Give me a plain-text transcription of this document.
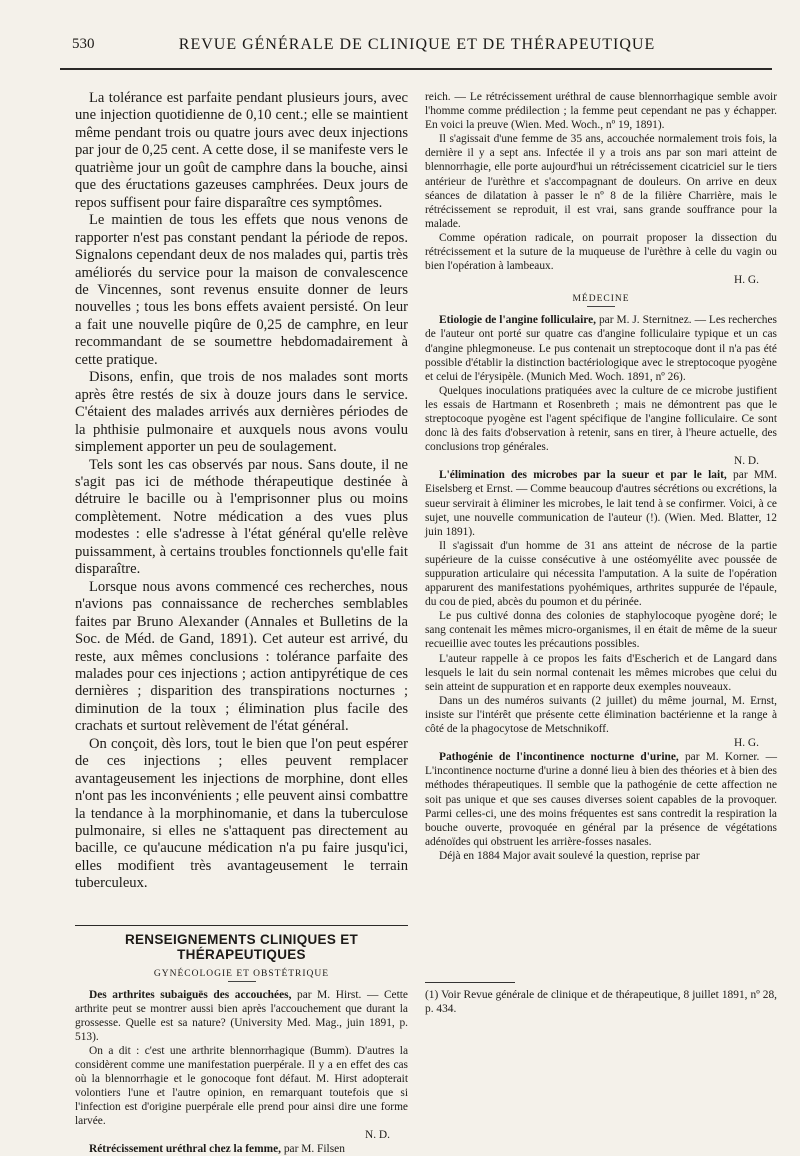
530	REVUE GÉNÉRALE DE CLINIQUE ET DE THÉRAPEUTIQUE

La tolérance est parfaite pendant plusieurs jours, avec une injection quotidienne de 0,10 cent.; elle se maintient même pendant trois ou quatre jours avec deux injections par jour de 0,25 cent. A cette dose, il se manifeste vers le quatrième jour un goût de camphre dans la bouche, ainsi que des éructations gazeuses camphrées. Deux jours de repos suffisent pour faire disparaître ces symptômes.

Le maintien de tous les effets que nous venons de rapporter n'est pas constant pendant la période de repos. Signalons cependant deux de nos malades qui, partis très améliorés du service pour la maison de convalescence de Vincennes, sont revenus ensuite donner de leurs nouvelles ; tous les bons effets avaient persisté. On leur a fait une nouvelle piqûre de 0,25 de camphre, en leur recommandant de se soumettre hebdomadairement à cette pratique.

Disons, enfin, que trois de nos malades sont morts après être restés de six à douze jours dans le service. C'étaient des malades arrivés aux dernières périodes de la phthisie pulmonaire et auxquels nous avons voulu simplement apporter un peu de soulagement.

Tels sont les cas observés par nous. Sans doute, il ne s'agit pas ici de méthode thérapeutique destinée à détruire le bacille ou à l'emprisonner plus ou moins complètement. Notre médication a des vues plus modestes : elle s'adresse à l'état général qu'elle relève puissamment, à certains troubles fonctionnels qu'elle fait disparaître.

Lorsque nous avons commencé ces recherches, nous n'avions pas connaissance de recherches semblables faites par Bruno Alexander (Annales et Bulletins de la Soc. de Méd. de Gand, 1891). Cet auteur est arrivé, du reste, aux mêmes conclusions : tolérance parfaite des malades pour ces injections ; action antipyrétique de ces dernières ; disparition des transpirations nocturnes ; diminution de la toux ; élimination plus facile des crachats et surtout relèvement de l'état général.

On conçoit, dès lors, tout le bien que l'on peut espérer de ces injections ; elles peuvent remplacer avantageusement les injections de morphine, dont elles n'ont pas les inconvénients ; elle peuvent ainsi combattre la tendance à la morphinomanie, et dans la tuberculose pulmonaire, si elles ne s'attaquent pas directement au bacille, ce qu'aucune médication n'a pu faire jusqu'ici, elles modifient très avantageusement le terrain tuberculeux.

RENSEIGNEMENTS CLINIQUES ET THÉRAPEUTIQUES
GYNÉCOLOGIE ET OBSTÉTRIQUE

Des arthrites subaiguës des accouchées, par M. Hirst. — Cette arthrite peut se montrer aussi bien après l'accouchement que durant la grossesse. Quelle est sa nature? (University Med. Mag., juin 1891, p. 513).

On a dit : c'est une arthrite blennorrhagique (Bumm). D'autres la considèrent comme une manifestation puerpérale. Il y a en effet des cas où la blennorrhagie et le gonocoque font défaut. M. Hirst adopterait volontiers l'une et l'autre opinion, en remarquant toutefois que si l'infection est d'origine puerpérale elle prend pour ainsi dire une forme larvée.

N. D.

Rétrécissement uréthral chez la femme, par M. Filsen

reich. — Le rétrécissement uréthral de cause blennorrhagique semble avoir l'homme comme prédilection ; la femme peut cependant ne pas y échapper. En voici la preuve (Wien. Med. Woch., nº 19, 1891).

Il s'agissait d'une femme de 35 ans, accouchée normalement trois fois, la dernière il y a sept ans. Infectée il y a trois ans par son mari atteint de blennorrhagie, elle porte aujourd'hui un rétrécissement cicatriciel sur le tiers antérieur de l'urèthre et s'accompagnant de douleurs. On arrive en deux séances de dilatation à passer le nº 8 de la filière Charrière, mais le rétrécissement se reproduit, il est vrai, sans grande souffrance pour la malade.

Comme opération radicale, on pourrait proposer la dissection du rétrécissement et la suture de la muqueuse de l'urèthre à celle du vagin ou bien l'opération à lambeaux.

H. G.
MÉDECINE

Etiologie de l'angine folliculaire, par M. J. Sternitnez. — Les recherches de l'auteur ont porté sur quatre cas d'angine folliculaire typique et un cas d'angine phlegmoneuse. Le pus contenait un streptocoque dont il n'a pas été possible d'établir la distinction bactériologique avec le streptocoque pyogène et celui de l'érysipèle. (Munich Med. Woch. 1891, nº 26).

Quelques inoculations pratiquées avec la culture de ce microbe justifient les essais de Hartmann et Rosenbreth ; mais ne démontrent pas que le streptocoque pyogène est l'agent spécifique de l'angine folliculaire. Ce sont donc là des faits d'observation à retenir, sans en tirer, à l'heure actuelle, des conclusions trop générales.

N. D.

L'élimination des microbes par la sueur et par le lait, par MM. Eiselsberg et Ernst. — Comme beaucoup d'autres sécrétions ou excrétions, la sueur servirait à éliminer les microbes, le lait tend à se confirmer. Voici, à ce sujet, une nouvelle communication de l'auteur (!). (Wien. Med. Blatter, 12 juin 1891).

Il s'agissait d'un homme de 31 ans atteint de nécrose de la partie supérieure de la cuisse consécutive à une ostéomyélite avec poussée de suppuration articulaire qui nécessita l'amputation. A la suite de l'opération apparurent des manifestations pyohémiques, arthrites suppurée de l'épaule, du cou de pied, abcès du poumon et du périnée.

Le pus cultivé donna des colonies de staphylocoque pyogène doré; le sang contenait les mêmes micro-organismes, il en était de même de la sueur recueillie avec toutes les précautions possibles.

L'auteur rappelle à ce propos les faits d'Escherich et de Langard dans lesquels le lait du sein normal contenait les mêmes microbes que celui du sein atteint de suppuration et en rapporte deux exemples nouveaux.

Dans un des numéros suivants (2 juillet) du même journal, M. Ernst, insiste sur l'intérêt que présente cette élimination bactérienne et la range à côté de la phagocytose de Metschnikoff.

H. G.

Pathogénie de l'incontinence nocturne d'urine, par M. Korner. — L'incontinence nocturne d'urine a donné lieu à bien des théories et à bien des méthodes thérapeutiques. Il semble que la pathogénie de cette affection ne soit pas unique et que ses causes diverses soient capables de la provoquer. Parmi celles-ci, une des moins fréquentes est sans contredit la respiration la bouche ouverte, provoquée en général par la présence de végétations adénoïdes qui obstruent les arrière-fosses nasales.

Déjà en 1884 Major avait soulevé la question, reprise par

(1) Voir Revue générale de clinique et de thérapeutique, 8 juillet 1891, nº 28, p. 434.
